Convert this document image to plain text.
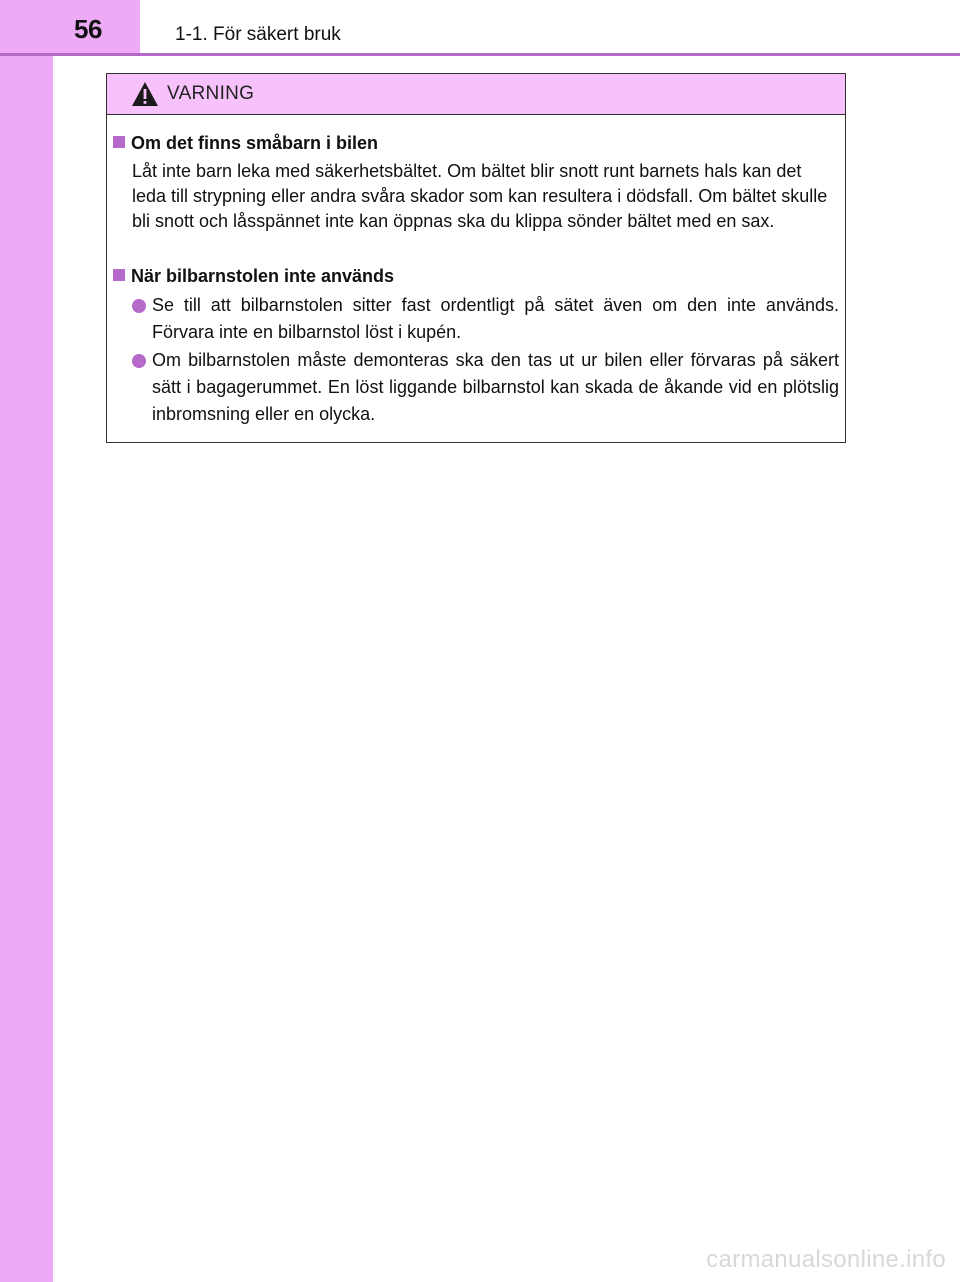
56	1-1. För säkert bruk
VARNING
Om det finns småbarn i bilen
Låt inte barn leka med säkerhetsbältet. Om bältet blir snott runt barnets hals kan det leda till strypning eller andra svåra skador som kan resultera i dödsfall. Om bältet skulle bli snott och låsspännet inte kan öppnas ska du klippa sönder bältet med en sax.
När bilbarnstolen inte används
Se till att bilbarnstolen sitter fast ordentligt på sätet även om den inte används. Förvara inte en bilbarnstol löst i kupén.
Om bilbarnstolen måste demonteras ska den tas ut ur bilen eller förvaras på säkert sätt i bagagerummet. En löst liggande bilbarnstol kan skada de åkande vid en plötslig inbromsning eller en olycka.
carmanualsonline.info
